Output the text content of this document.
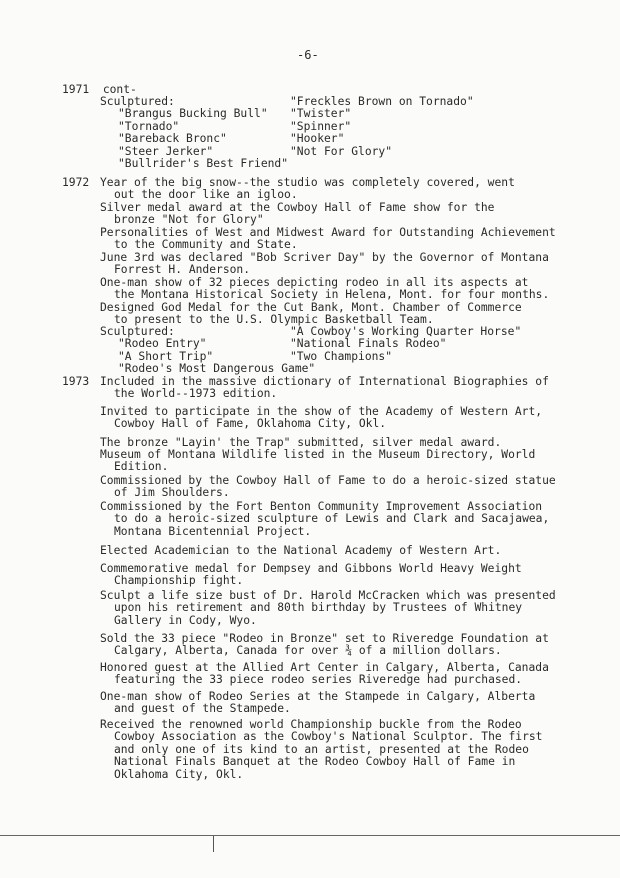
-6-
1971 cont-
Sculptured:	"Freckles Brown on Tornado"
"Brangus Bucking Bull" "Twister"
"Tornado"	"Spinner"
"Bareback Bronc"	"Hooker"
"Steer Jerker"	"Not For Glory"
"Bullrider's Best Friend"
1972 Year of the big snow--the studio was completely covered, went
out the door like an igloo.
Silver medal award at the Cowboy Hall of Fame show for the
bronze "Not for Glory"
Personalities of West and Midwest Award for Outstanding Achievement
to the Community and State.
June 3rd was declared "Bob Scriver Day" by the Governor of Montana
Forrest H. Anderson.
One-man show of 32 pieces depicting rodeo in all its aspects at
the Montana Historical Society in Helena, Mont. for four months.
Designed God Medal for the Cut Bank, Mont. Chamber of Commerce
to present to the U.S. Olympic Basketball Team.
Sculptured:	"A Cowboy's Working Quarter Horse"
"Rodeo Entry"	"National Finals Rodeo"
"A Short Trip"	"Two Champions"
"Rodeo's Most Dangerous Game"
1973 Included in the massive dictionary of International Biographies of
the World--1973 edition.
Invited to participate in the show of the Academy of Western Art,
Cowboy Hall of Fame, Oklahoma City, Okl.
The bronze "Layin' the Trap" submitted, silver medal award.
Museum of Montana Wildlife listed in the Museum Directory, World
Edition.
Commissioned by the Cowboy Hall of Fame to do a heroic-sized statue
of Jim Shoulders.
Commissioned by the Fort Benton Community Improvement Association
to do a heroic-sized sculpture of Lewis and Clark and Sacajawea,
Montana Bicentennial Project.
Elected Academician to the National Academy of Western Art.
Commemorative medal for Dempsey and Gibbons World Heavy Weight
Championship fight.
Sculpt a life size bust of Dr. Harold McCracken which was presented
upon his retirement and 80th birthday by Trustees of Whitney
Gallery in Cody, Wyo.
Sold the 33 piece "Rodeo in Bronze" set to Riveredge Foundation at
Calgary, Alberta, Canada for over ¾ of a million dollars.
Honored guest at the Allied Art Center in Calgary, Alberta, Canada
featuring the 33 piece rodeo series Riveredge had purchased.
One-man show of Rodeo Series at the Stampede in Calgary, Alberta
and guest of the Stampede.
Received the renowned world Championship buckle from the Rodeo
Cowboy Association as the Cowboy's National Sculptor. The first
and only one of its kind to an artist, presented at the Rodeo
National Finals Banquet at the Rodeo Cowboy Hall of Fame in
Oklahoma City, Okl.
